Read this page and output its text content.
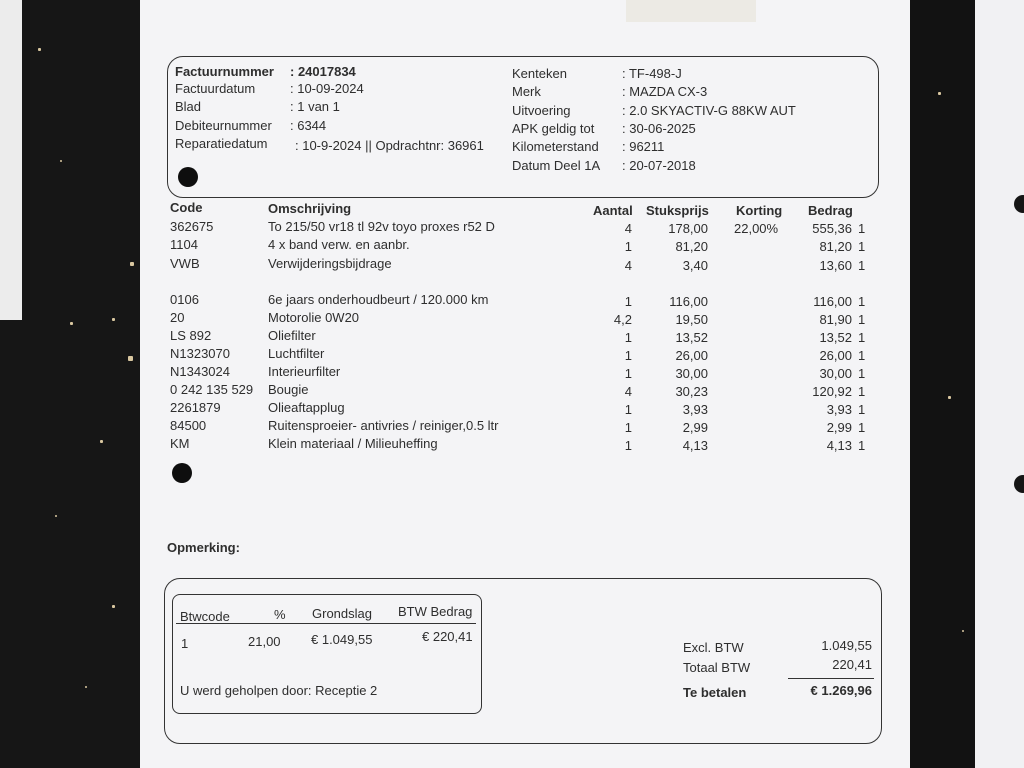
Factuurnummer : 24017834
Factuurdatum	: 10-09-2024
Blad	: 1 van 1
Debiteurnummer : 6344
Reparatiedatum : 10-9-2024 || Opdrachtnr: 36961
Kenteken	: TF-498-J
Merk	: MAZDA CX-3
Uitvoering	: 2.0 SKYACTIV-G 88KW AUT
APK geldig tot : 30-06-2025
Kilometerstand : 96211
Datum Deel 1A : 20-07-2018
Code	Omschrijving	Aantal Stuksprijs Korting Bedrag
362675	To 215/50 vr18 tl 92v toyo proxes r52 D	4	178,00 22,00%	555,36 1
1104	4 x band verw. en aanbr.	1	81,20	81,20 1
VWB	Verwijderingsbijdrage	4	3,40	13,60 1
0106	6e jaars onderhoudbeurt / 120.000 km	1	116,00	116,00 1
20	Motorolie 0W20	4,2	19,50	81,90 1
LS 892	Oliefilter	1	13,52	13,52 1
N1323070	Luchtfilter	1	26,00	26,00 1
N1343024	Interieurfilter	1	30,00	30,00 1
0 242 135 529 Bougie	4	30,23	120,92 1
2261879	Olieaftapplug	1	3,93	3,93 1
84500	Ruitensproeier- antivries / reiniger,0.5 ltr	1	2,99	2,99 1
KM	Klein materiaal / Milieuheffing	1	4,13	4,13 1
Opmerking:
Btwcode	% Grondslag BTW Bedrag
1	21,00 € 1.049,55	€ 220,41
U werd geholpen door: Receptie 2
Excl. BTW	1.049,55
Totaal BTW	220,41
Te betalen	€ 1.269,96
